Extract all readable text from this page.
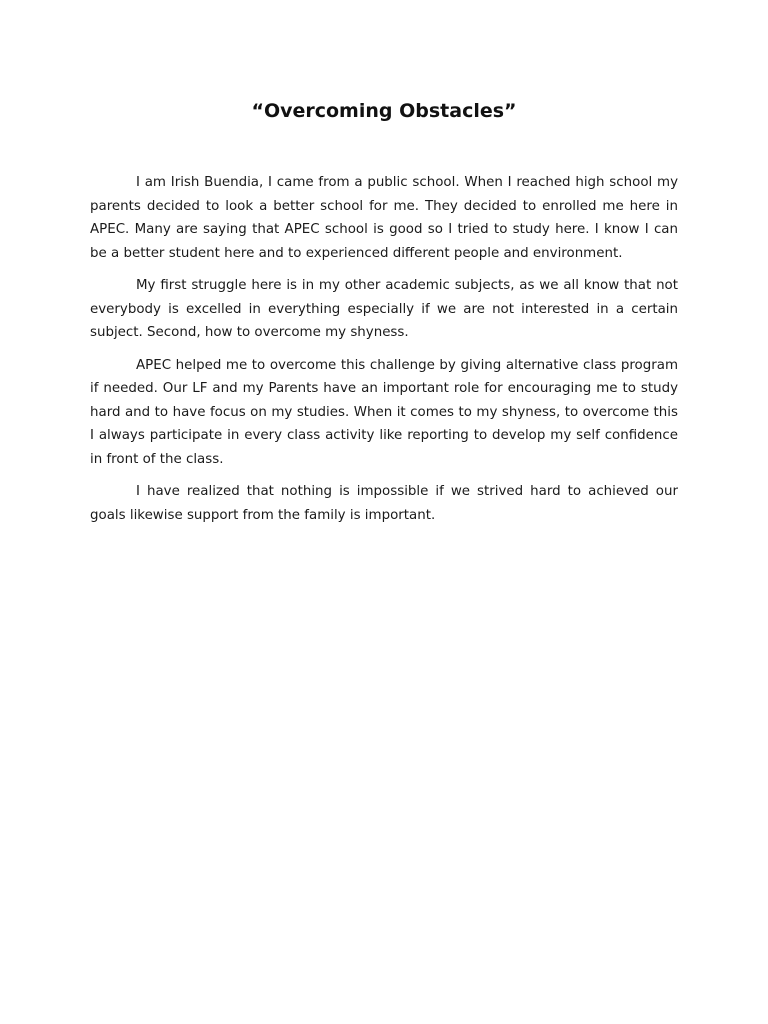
“Overcoming Obstacles”

I am Irish Buendia, I came from a public school. When I reached high school my parents decided to look a better school for me. They decided to enrolled me here in APEC. Many are saying that APEC school is good so I tried to study here. I know I can be a better student here and to experienced different people and environment.

My first struggle here is in my other academic subjects, as we all know that not everybody is excelled in everything especially if we are not interested in a certain subject. Second, how to overcome my shyness.

APEC helped me to overcome this challenge by giving alternative class program if needed. Our LF and my Parents have an important role for encouraging me to study hard and to have focus on my studies. When it comes to my shyness, to overcome this I always participate in every class activity like reporting to develop my self confidence in front of the class.

I have realized that nothing is impossible if we strived hard to achieved our goals likewise support from the family is important.
